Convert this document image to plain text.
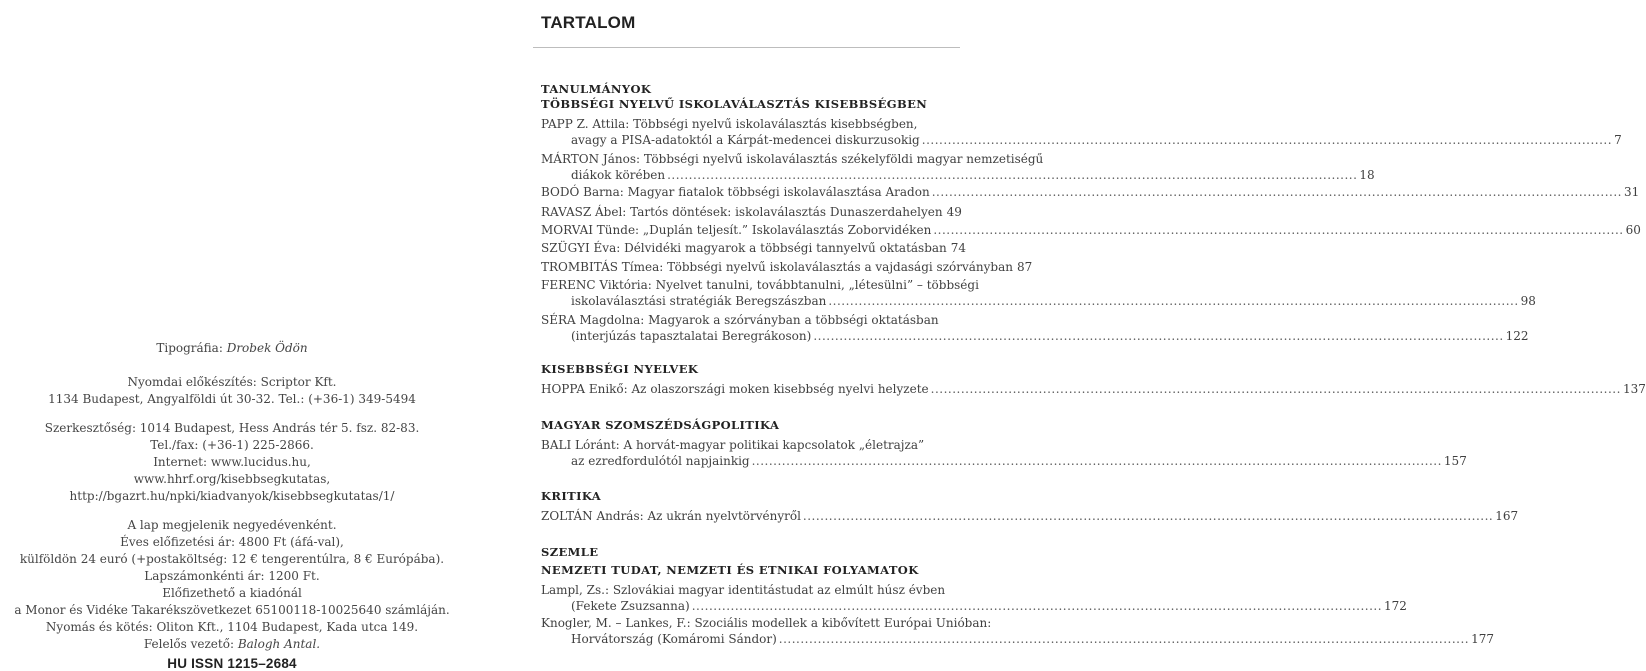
Tipográfia: Drobek Ödön
Nyomdai előkészítés: Scriptor Kft.
1134 Budapest, Angyalföldi út 30-32. Tel.: (+36-1) 349-5494
Szerkesztőség: 1014 Budapest, Hess András tér 5. fsz. 82-83.
Tel./fax: (+36-1) 225-2866.
Internet: www.lucidus.hu,
www.hhrf.org/kisebbsegkutatas,
http://bgazrt.hu/npki/kiadvanyok/kisebbsegkutatas/1/
A lap megjelenik negyedévenként.
Éves előfizetési ár: 4800 Ft (áfá-val),
külföldön 24 euró (+postaköltség: 12 € tengerentúlra, 8 € Európába).
Lapszámonkénti ár: 1200 Ft.
Előfizethető a kiadónál
a Monor és Vidéke Takarékszövetkezet 65100118-10025640 számláján.
Nyomás és kötés: Oliton Kft., 1104 Budapest, Kada utca 149.
Felelős vezető: Balogh Antal.
HU ISSN 1215–2684
TARTALOM
TANULMÁNYOK
TÖBBSÉGI NYELVŰ ISKOLAVÁLASZTÁS KISEBBSÉGBEN
PAPP Z. Attila: Többségi nyelvű iskolaválasztás kisebbségben,
avagy a PISA-adatoktól a Kárpát-medencei diskurzusokig .....	7
MÁRTON János: Többségi nyelvű iskolaválasztás székelyföldi magyar nemzetiségű
diákok körében .....	18
BODÓ Barna: Magyar fiatalok többségi iskolaválasztása Aradon .....	31
RAVASZ Ábel: Tartós döntések: iskolaválasztás Dunaszerdahelyen 49
MORVAI Tünde: „Duplán teljesít.” Iskolaválasztás Zoborvidéken .....	60
SZÜGYI Éva: Délvidéki magyarok a többségi tannyelvű oktatásban 74
TROMBITÁS Tímea: Többségi nyelvű iskolaválasztás a vajdasági szórványban 87
FERENC Viktória: Nyelvet tanulni, továbbtanulni, „létesülni” – többségi
iskolaválasztási stratégiák Beregszászban .....	98
SÉRA Magdolna: Magyarok a szórványban a többségi oktatásban
(interjúzás tapasztalatai Beregrákoson) .....	122
KISEBBSÉGI NYELVEK
HOPPA Enikő: Az olaszországi moken kisebbség nyelvi helyzete .....	137
MAGYAR SZOMSZÉDSÁGPOLITIKA
BALI Lóránt: A horvát-magyar politikai kapcsolatok „életrajza”
az ezredfordulótól napjainkig .....	157
KRITIKA
ZOLTÁN András: Az ukrán nyelvtörvényről .....	167
SZEMLE
NEMZETI TUDAT, NEMZETI ÉS ETNIKAI FOLYAMATOK
Lampl, Zs.: Szlovákiai magyar identitástudat az elmúlt húsz évben
(Fekete Zsuzsanna) .....	172
Knogler, M. – Lankes, F.: Szociális modellek a kibővített Európai Unióban:
Horvátország (Komáromi Sándor) .....	177
